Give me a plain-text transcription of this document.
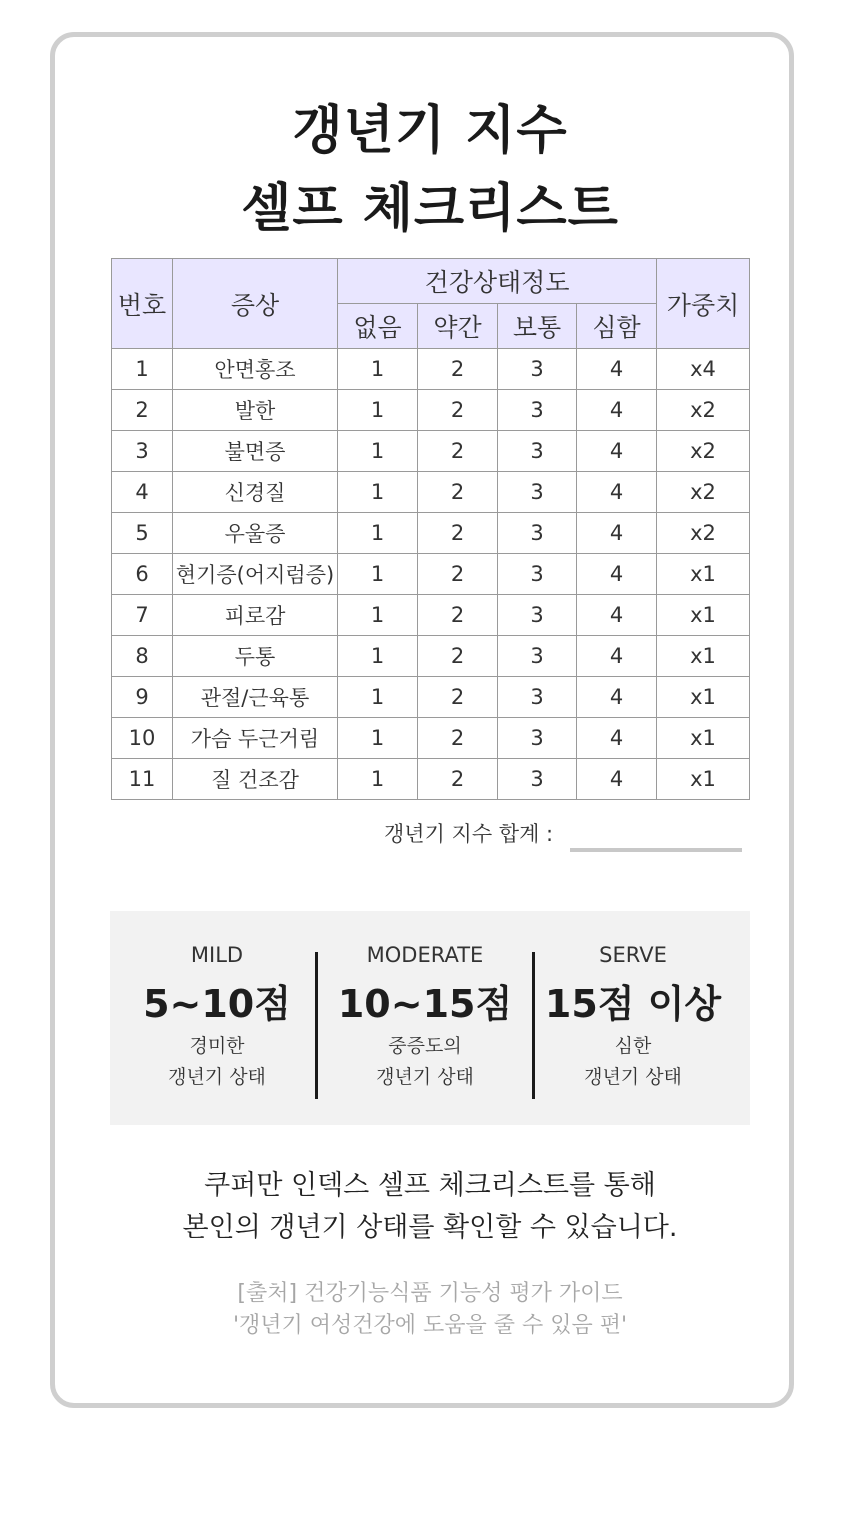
갱년기 지수
셀프 체크리스트
번호	증상	건강상태정도				가중치
		없음	약간	보통	심함	
1	안면홍조	1	2	3	4	x4
2	발한	1	2	3	4	x2
3	불면증	1	2	3	4	x2
4	신경질	1	2	3	4	x2
5	우울증	1	2	3	4	x2
6	현기증(어지럼증)	1	2	3	4	x1
7	피로감	1	2	3	4	x1
8	두통	1	2	3	4	x1
9	관절/근육통	1	2	3	4	x1
10	가슴 두근거림	1	2	3	4	x1
11	질 건조감	1	2	3	4	x1
갱년기 지수 합계 :
MILD
5~10점
경미한
갱년기 상태
MODERATE
10~15점
중증도의
갱년기 상태
SERVE
15점 이상
심한
갱년기 상태
쿠퍼만 인덱스 셀프 체크리스트를 통해
본인의 갱년기 상태를 확인할 수 있습니다.
[출처] 건강기능식품 기능성 평가 가이드
'갱년기 여성건강에 도움을 줄 수 있음 편'
